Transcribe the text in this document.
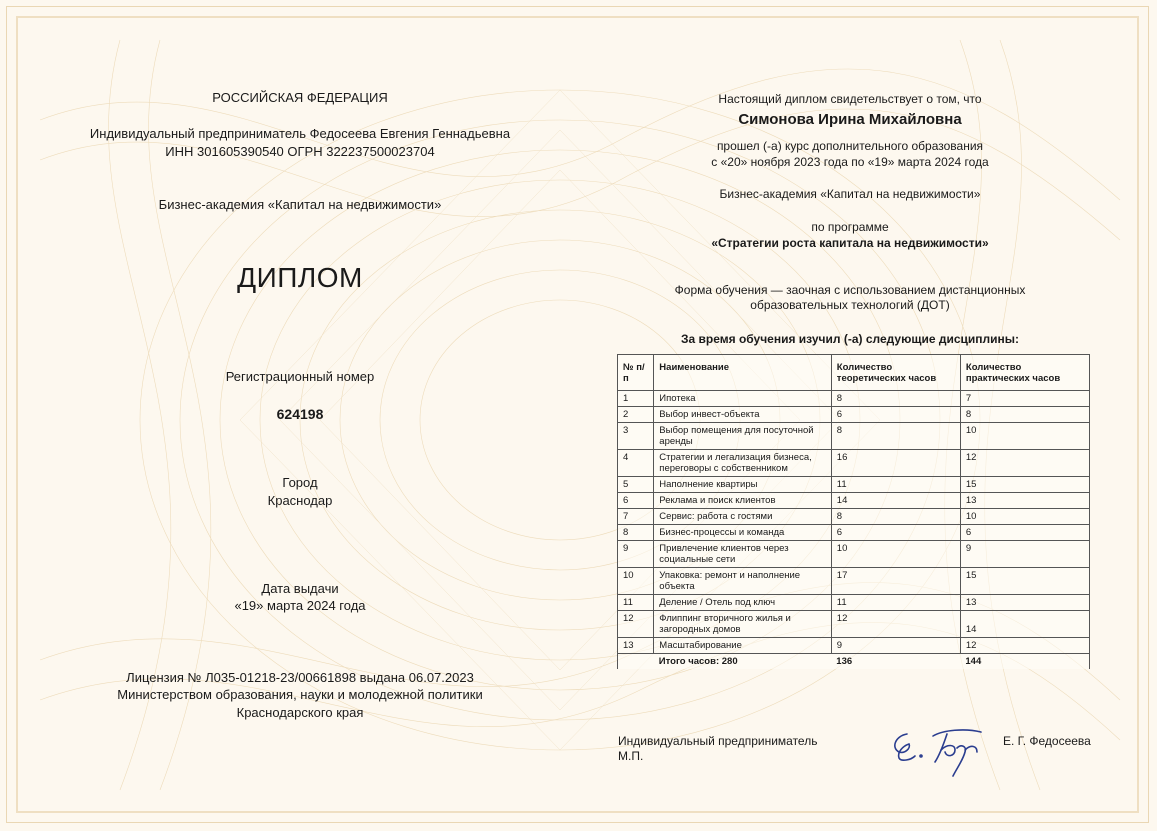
РОССИЙСКАЯ ФЕДЕРАЦИЯ
Индивидуальный предприниматель Федосеева Евгения Геннадьевна
ИНН 301605390540 ОГРН 322237500023704
Бизнес-академия «Капитал на недвижимости»
ДИПЛОМ
Регистрационный номер
624198
Город
Краснодар
Дата выдачи
«19» марта 2024 года
Лицензия № Л035-01218-23/00661898 выдана 06.07.2023
Министерством образования, науки и молодежной политики
Краснодарского края
Настоящий диплом свидетельствует о том, что
Симонова Ирина Михайловна
прошел (-а) курс дополнительного образования
с «20» ноября 2023 года по «19» марта 2024 года
Бизнес-академия «Капитал на недвижимости»
по программе
«Стратегии роста капитала на недвижимости»
Форма обучения — заочная с использованием дистанционных
образовательных технологий (ДОТ)
За время обучения изучил (-а) следующие дисциплины:
№ п/п	Наименование	Количество теоретических часов	Количество практических часов
1	Ипотека	8	7
2	Выбор инвест-объекта	6	8
3	Выбор помещения для посуточной аренды	8	10
4	Стратегии и легализация бизнеса, переговоры с собственником	16	12
5	Наполнение квартиры	11	15
6	Реклама и поиск клиентов	14	13
7	Сервис: работа с гостями	8	10
8	Бизнес-процессы и команда	6	6
9	Привлечение клиентов через социальные сети	10	9
10	Упаковка: ремонт и наполнение объекта	17	15
11	Деление / Отель под ключ	11	13
12	Флиппинг вторичного жилья и загородных домов	12	14
13	Масштабирование	9	12
	Итого часов: 280	136	144
Индивидуальный предприниматель
М.П.
Е. Г. Федосеева
